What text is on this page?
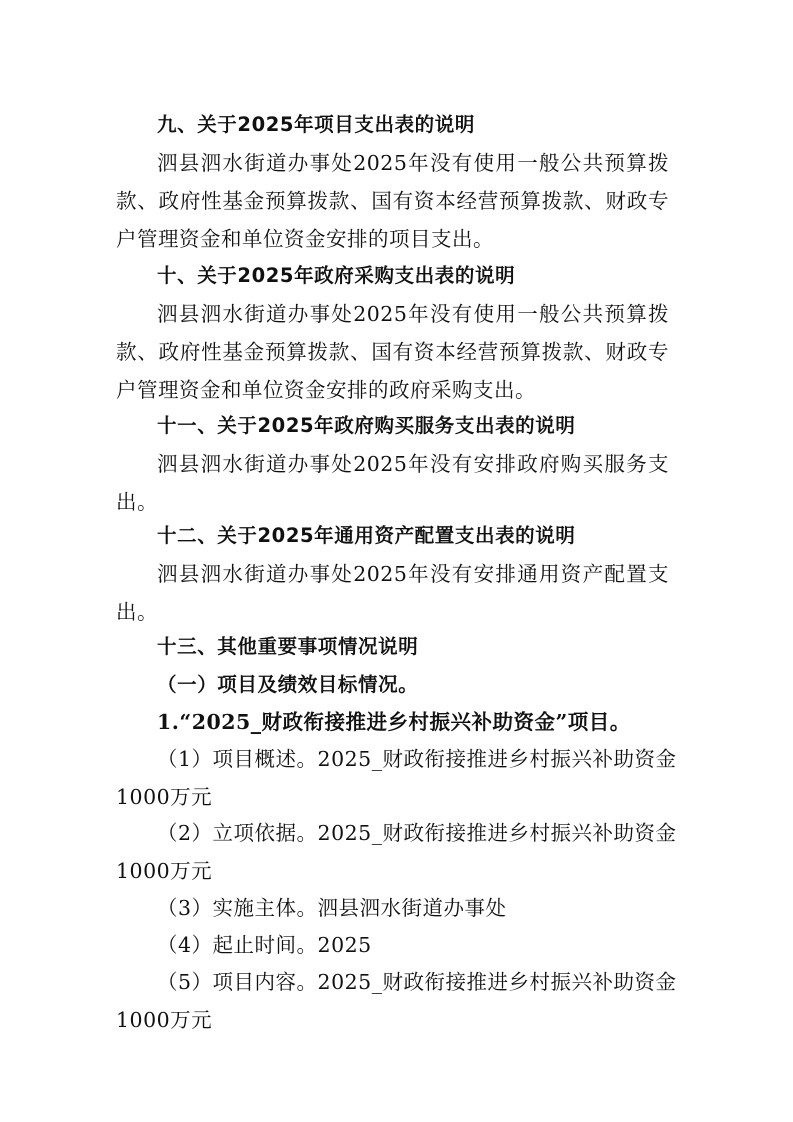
九、关于2025年项目支出表的说明
泗县泗水街道办事处2025年没有使用一般公共预算拨
款、政府性基金预算拨款、国有资本经营预算拨款、财政专
户管理资金和单位资金安排的项目支出。
十、关于2025年政府采购支出表的说明
泗县泗水街道办事处2025年没有使用一般公共预算拨
款、政府性基金预算拨款、国有资本经营预算拨款、财政专
户管理资金和单位资金安排的政府采购支出。
十一、关于2025年政府购买服务支出表的说明
泗县泗水街道办事处2025年没有安排政府购买服务支
出。
十二、关于2025年通用资产配置支出表的说明
泗县泗水街道办事处2025年没有安排通用资产配置支
出。
十三、其他重要事项情况说明
（一）项目及绩效目标情况。
1.“2025_财政衔接推进乡村振兴补助资金”项目。
（1）项目概述。2025_财政衔接推进乡村振兴补助资金
1000万元
（2）立项依据。2025_财政衔接推进乡村振兴补助资金
1000万元
（3）实施主体。泗县泗水街道办事处
（4）起止时间。2025
（5）项目内容。2025_财政衔接推进乡村振兴补助资金
1000万元
